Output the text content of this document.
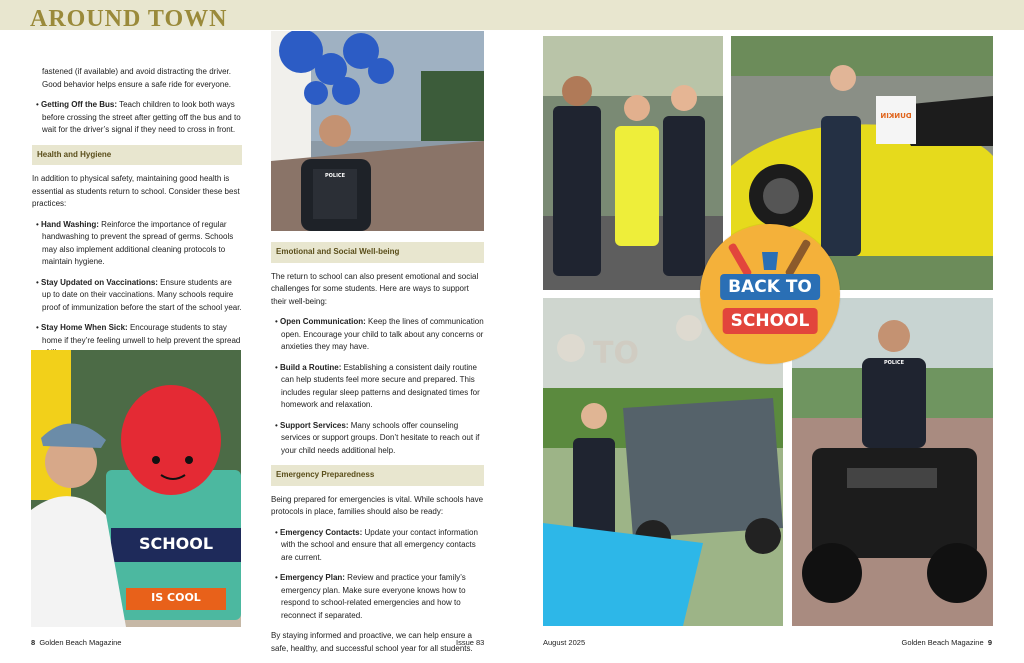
AROUND TOWN

fastened (if available) and avoid distracting the driver. Good behavior helps ensure a safe ride for everyone.

• Getting Off the Bus: Teach children to look both ways before crossing the street after getting off the bus and to wait for the driver’s signal if they need to cross in front.
Health and Hygiene

In addition to physical safety, maintaining good health is essential as students return to school. Consider these best practices:

• Hand Washing: Reinforce the importance of regular handwashing to prevent the spread of germs. Schools may also implement additional cleaning protocols to maintain hygiene.
• Stay Updated on Vaccinations: Ensure students are up to date on their vaccinations. Many schools require proof of immunization before the start of the school year.
• Stay Home When Sick: Encourage students to stay home if they’re feeling unwell to help prevent the spread
Emotional and Social Well-being

The return to school can also present emotional and social challenges for some students. Here are ways to support their well-being:

• Open Communication: Keep the lines of communication open. Encourage your child to talk about any concerns or anxieties they may have.
• Build a Routine: Establishing a consistent daily routine can help students feel more secure and prepared. This includes regular sleep patterns and designated times for homework and relaxation.
• Support Services: Many schools offer counseling services or support groups. Don’t hesitate to reach out if your child needs additional help.
Emergency Preparedness

Being prepared for emergencies is vital. While schools have protocols in place, families should also be ready:

• Emergency Contacts: Update your contact information with the school and ensure that all emergency contacts are current.
• Emergency Plan: Review and practice your family’s emergency plan. Make sure everyone knows how to respond to school-related emergencies and how to reconnect if separated.

By staying informed and proactive, we can help ensure a safe, healthy, and successful school year for all students.

POLICE
SCHOOL
IS COOL
DUNKIN
TO	POLICE
BACK TO
SCHOOL
8 Golden Beach Magazine	Issue 83	August 2025	Golden Beach Magazine 9
